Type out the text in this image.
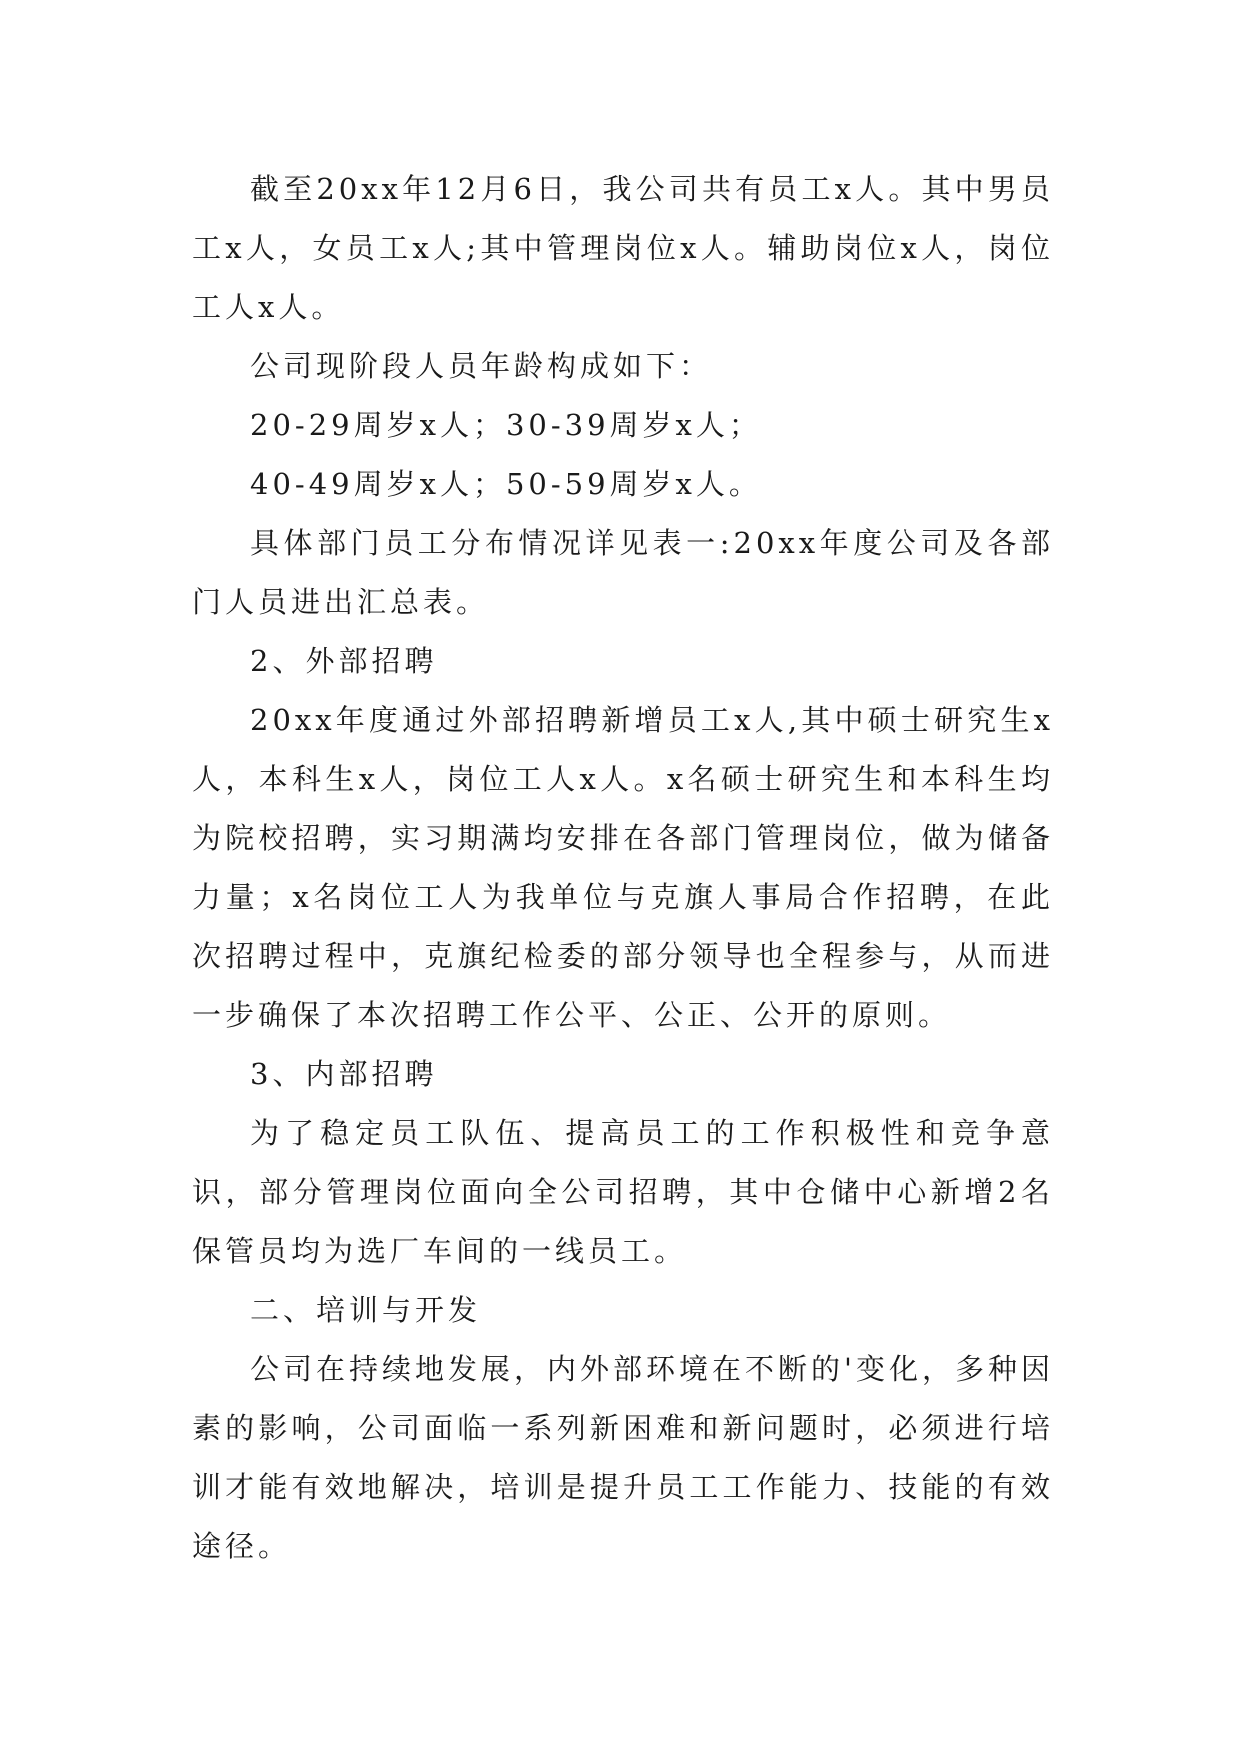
截至20xx年12月6日，我公司共有员工x人。其中男员工x人，女员工x人;其中管理岗位x人。辅助岗位x人，岗位工人x人。

公司现阶段人员年龄构成如下：

20-29周岁x人；30-39周岁x人；

40-49周岁x人；50-59周岁x人。

具体部门员工分布情况详见表一:20xx年度公司及各部门人员进出汇总表。

2、外部招聘

20xx年度通过外部招聘新增员工x人,其中硕士研究生x人，本科生x人，岗位工人x人。x名硕士研究生和本科生均为院校招聘，实习期满均安排在各部门管理岗位，做为储备力量；x名岗位工人为我单位与克旗人事局合作招聘，在此次招聘过程中，克旗纪检委的部分领导也全程参与，从而进一步确保了本次招聘工作公平、公正、公开的原则。

3、内部招聘

为了稳定员工队伍、提高员工的工作积极性和竞争意识，部分管理岗位面向全公司招聘，其中仓储中心新增2名保管员均为选厂车间的一线员工。

二、培训与开发

公司在持续地发展，内外部环境在不断的'变化，多种因素的影响，公司面临一系列新困难和新问题时，必须进行培训才能有效地解决，培训是提升员工工作能力、技能的有效途径。
